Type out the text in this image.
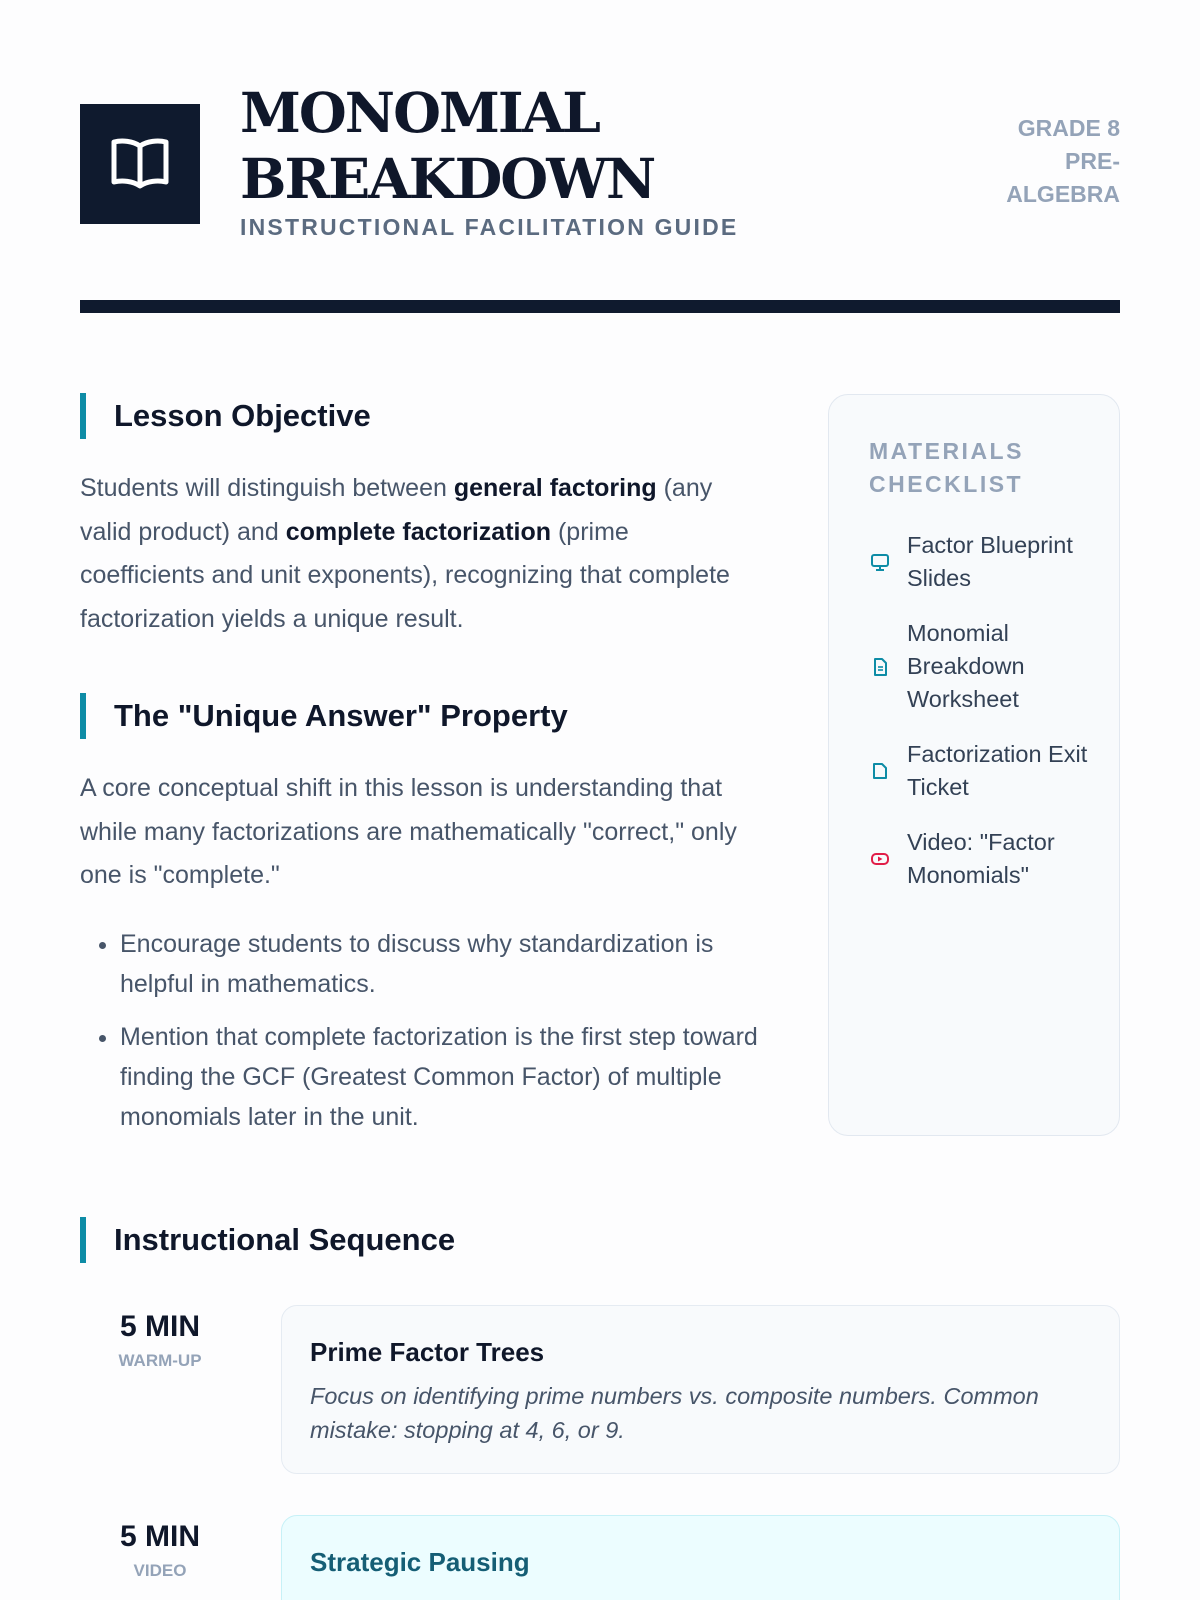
MONOMIAL BREAKDOWN
INSTRUCTIONAL FACILITATION GUIDE
GRADE 8 PRE-ALGEBRA
Lesson Objective

Students will distinguish between general factoring (any valid product) and complete factorization (prime coefficients and unit exponents), recognizing that complete factorization yields a unique result.

The "Unique Answer" Property

A core conceptual shift in this lesson is understanding that while many factorizations are mathematically "correct," only one is "complete."

• Encourage students to discuss why standardization is helpful in mathematics.
• Mention that complete factorization is the first step toward finding the GCF (Greatest Common Factor) of multiple monomials later in the unit.
MATERIALS CHECKLIST
Factor Blueprint Slides
Monomial Breakdown Worksheet
Factorization Exit Ticket
Video: "Factor Monomials"
Instructional Sequence
5 MIN
WARM-UP	Prime Factor Trees

Focus on identifying prime numbers vs. composite numbers. Common mistake: stopping at 4, 6, or 9.

5 MIN
VIDEO	Strategic Pausing
